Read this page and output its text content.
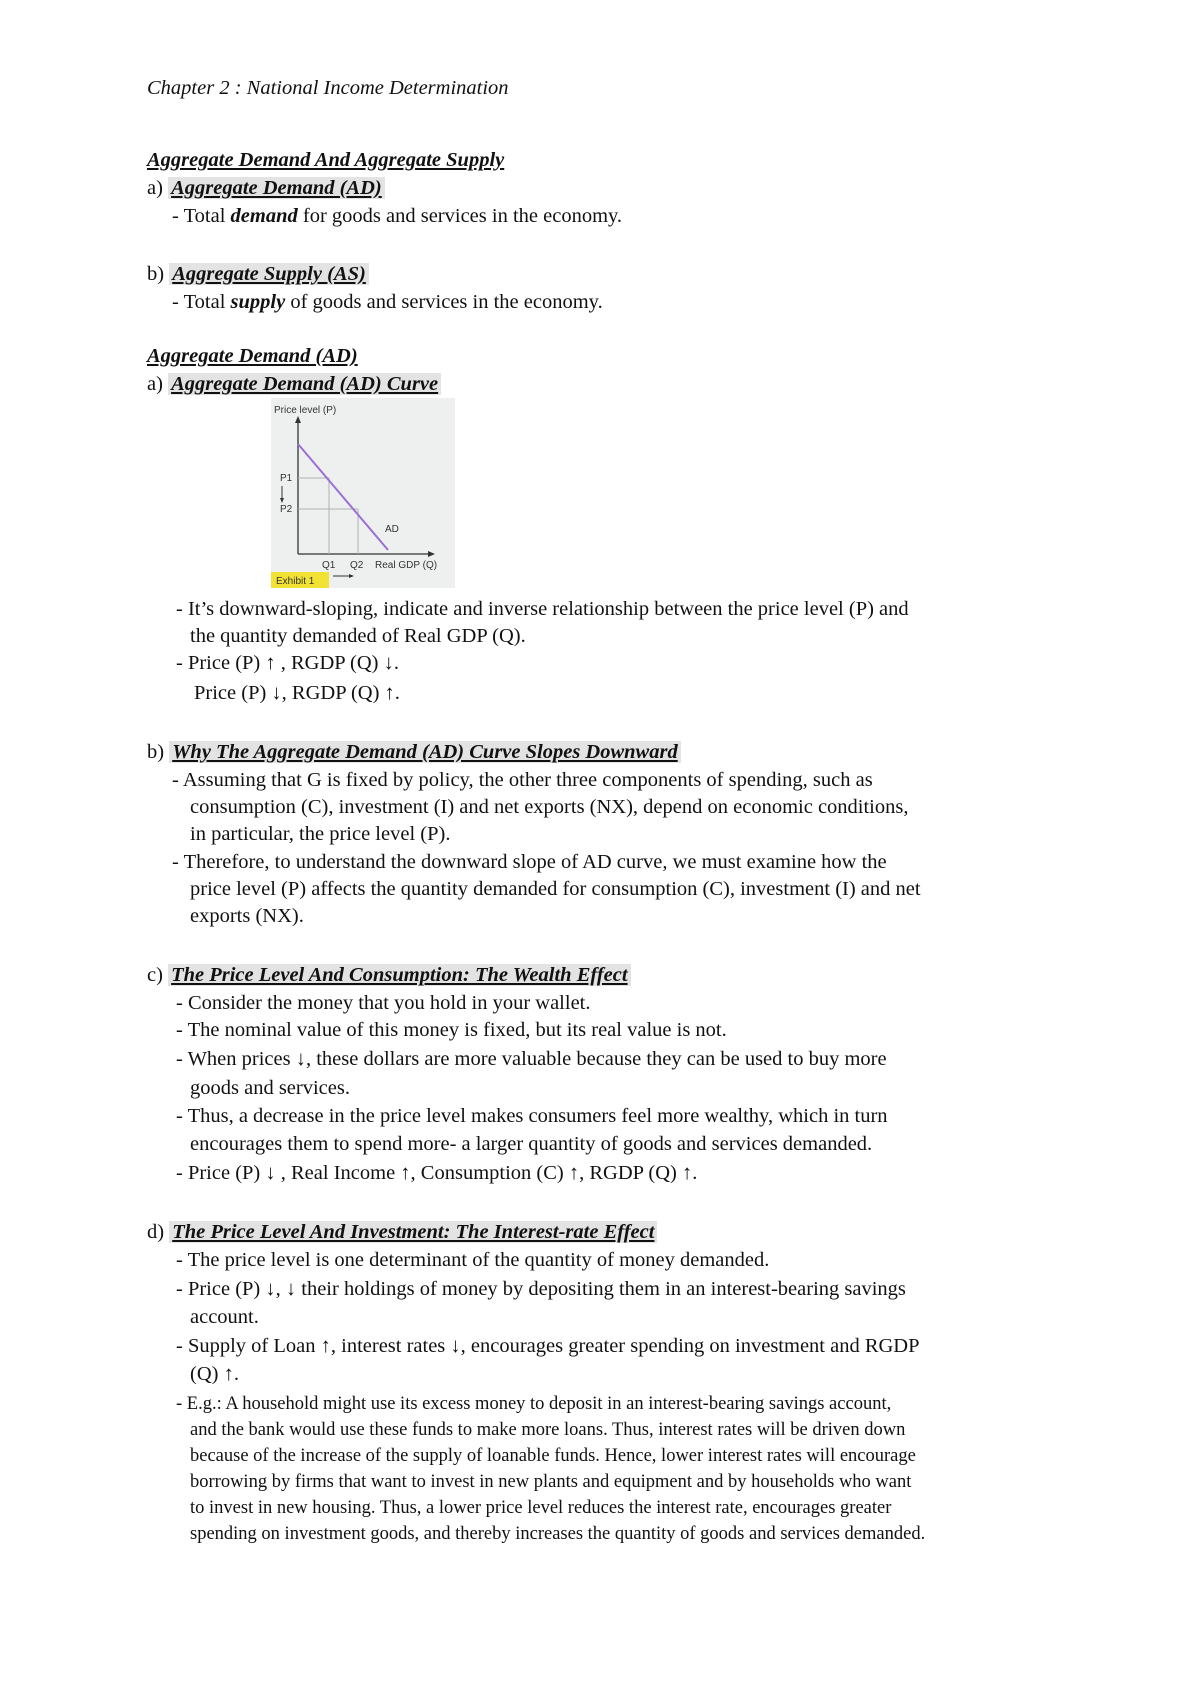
Chapter 2 : National Income Determination
Aggregate Demand And Aggregate Supply
a) Aggregate Demand (AD)
- Total demand for goods and services in the economy.
b) Aggregate Supply (AS)
- Total supply of goods and services in the economy.
Aggregate Demand (AD)
a) Aggregate Demand (AD) Curve
Price level (P)
AD
P1
P2
Q1 Q2 Real GDP (Q)
Exhibit 1
- It’s downward-sloping, indicate and inverse relationship between the price level (P) and
the quantity demanded of Real GDP (Q).
- Price (P) ↑ , RGDP (Q) ↓.
Price (P) ↓, RGDP (Q) ↑.
b) Why The Aggregate Demand (AD) Curve Slopes Downward
- Assuming that G is fixed by policy, the other three components of spending, such as
consumption (C), investment (I) and net exports (NX), depend on economic conditions,
in particular, the price level (P).
- Therefore, to understand the downward slope of AD curve, we must examine how the
price level (P) affects the quantity demanded for consumption (C), investment (I) and net
exports (NX).
c) The Price Level And Consumption: The Wealth Effect
- Consider the money that you hold in your wallet.
- The nominal value of this money is fixed, but its real value is not.
- When prices ↓, these dollars are more valuable because they can be used to buy more
goods and services.
- Thus, a decrease in the price level makes consumers feel more wealthy, which in turn
encourages them to spend more- a larger quantity of goods and services demanded.
- Price (P) ↓ , Real Income ↑, Consumption (C) ↑, RGDP (Q) ↑.
d) The Price Level And Investment: The Interest-rate Effect
- The price level is one determinant of the quantity of money demanded.
- Price (P) ↓, ↓ their holdings of money by depositing them in an interest-bearing savings
account.
- Supply of Loan ↑, interest rates ↓, encourages greater spending on investment and RGDP
(Q) ↑.
- E.g.: A household might use its excess money to deposit in an interest-bearing savings account,
and the bank would use these funds to make more loans. Thus, interest rates will be driven down
because of the increase of the supply of loanable funds. Hence, lower interest rates will encourage
borrowing by firms that want to invest in new plants and equipment and by households who want
to invest in new housing. Thus, a lower price level reduces the interest rate, encourages greater
spending on investment goods, and thereby increases the quantity of goods and services demanded.
